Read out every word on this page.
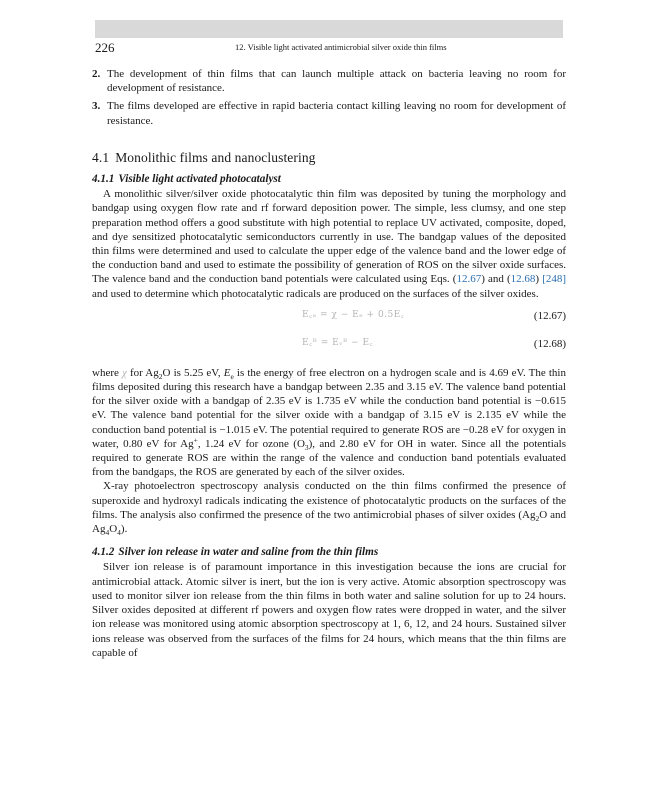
226	12. Visible light activated antimicrobial silver oxide thin films
2. The development of thin films that can launch multiple attack on bacteria leaving no room for development of resistance.
3. The films developed are effective in rapid bacteria contact killing leaving no room for development of resistance.
4.1 Monolithic films and nanoclustering
4.1.1 Visible light activated photocatalyst

A monolithic silver/silver oxide photocatalytic thin film was deposited by tuning the morphology and bandgap using oxygen flow rate and rf forward deposition power. The simple, less clumsy, and one step preparation method offers a good substitute with high potential to replace UV activated, composite, doped, and dye sensitized photocatalytic semiconductors currently in use. The bandgap values of the deposited thin films were determined and used to calculate the upper edge of the valence band and the lower edge of the conduction band and used to estimate the possibility of generation of ROS on the silver oxide surfaces. The valence band and the conduction band potentials were calculated using Eqs. (12.67) and (12.68) [248] and used to determine which photocatalytic radicals are produced on the surfaces of the silver oxides.

E꜀ₐ = χ − Eₑ + 0.5E꜀	(12.67)
E꜀ᴮ = Eᵥᴮ − E꜀	(12.68)

where χ for $Ag_2O$ is 5.25 eV, $E_e$ is the energy of free electron on a hydrogen scale and is 4.69 eV. The thin films deposited during this research have a bandgap between 2.35 and 3.15 eV. The valence band potential for the silver oxide with a bandgap of 2.35 eV is 1.735 eV while the conduction band potential is −0.615 eV. The valence band potential for the silver oxide with a bandgap of 3.15 eV is 2.135 eV while the conduction band potential is −1.015 eV. The potential required to generate ROS are −0.28 eV for oxygen in water, 0.80 eV for Ag+, 1.24 eV for ozone $(O_3)$, and 2.80 eV for OH in water. Since all the potentials required to generate ROS are within the range of the valence and conduction band potentials evaluated from the bandgaps, the ROS are generated by each of the silver oxides.

X-ray photoelectron spectroscopy analysis conducted on the thin films confirmed the presence of superoxide and hydroxyl radicals indicating the existence of photocatalytic products on the surfaces of the films. The analysis also confirmed the presence of the two antimicrobial phases of silver oxides ($Ag_2O$ and $Ag_4O_4$).

4.1.2 Silver ion release in water and saline from the thin films

Silver ion release is of paramount importance in this investigation because the ions are crucial for antimicrobial attack. Atomic silver is inert, but the ion is very active. Atomic absorption spectroscopy was used to monitor silver ion release from the thin films in both water and saline solution for up to 24 hours. Silver oxides deposited at different rf powers and oxygen flow rates were dropped in water, and the silver ion release was monitored using atomic absorption spectroscopy at 1, 6, 12, and 24 hours. Sustained silver ions release was observed from the surfaces of the films for 24 hours, which means that the thin films are capable of
